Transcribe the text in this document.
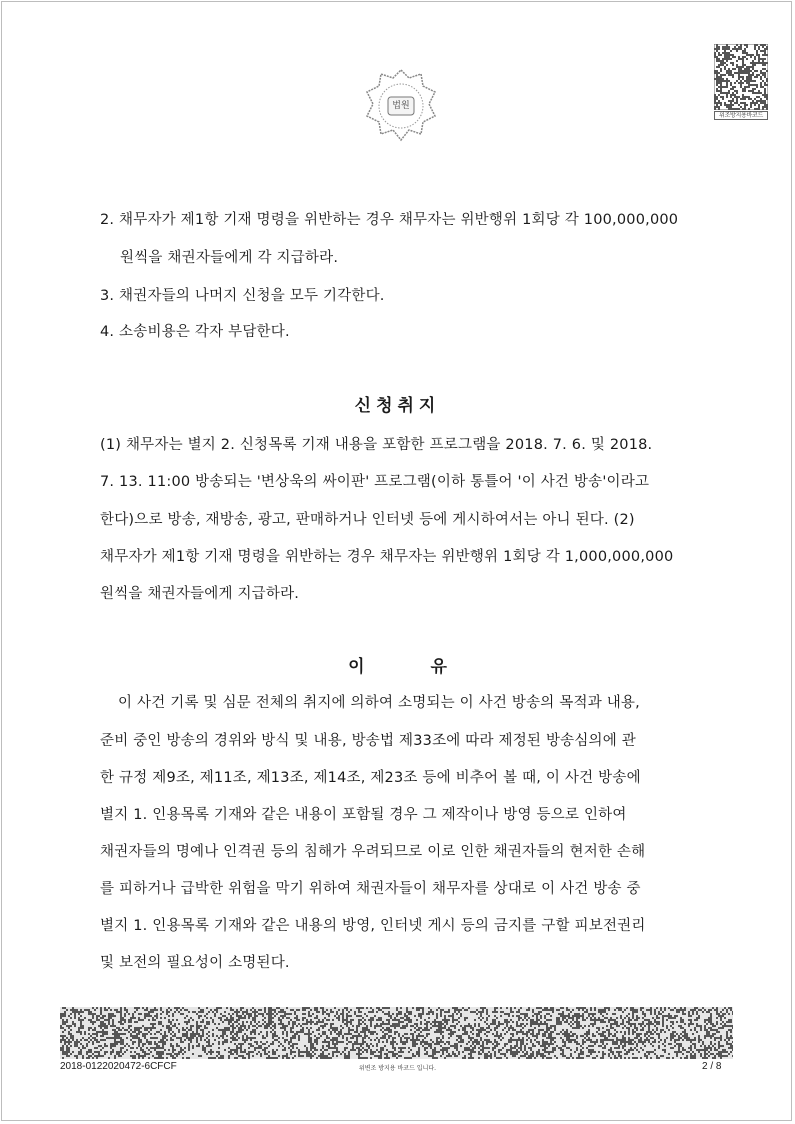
법원
위조방지용바코드
2. 채무자가 제1항 기재 명령을 위반하는 경우 채무자는 위반행위 1회당 각 100,000,000
원씩을 채권자들에게 각 지급하라.
3. 채권자들의 나머지 신청을 모두 기각한다.
4. 소송비용은 각자 부담한다.
신청취지
(1) 채무자는 별지 2. 신청목록 기재 내용을 포함한 프로그램을 2018. 7. 6. 및 2018.
7. 13. 11:00 방송되는 '변상욱의 싸이판' 프로그램(이하 통틀어 '이 사건 방송'이라고
한다)으로 방송, 재방송, 광고, 판매하거나 인터넷 등에 게시하여서는 아니 된다. (2)
채무자가 제1항 기재 명령을 위반하는 경우 채무자는 위반행위 1회당 각 1,000,000,000
원씩을 채권자들에게 지급하라.
이 유
이 사건 기록 및 심문 전체의 취지에 의하여 소명되는 이 사건 방송의 목적과 내용,
준비 중인 방송의 경위와 방식 및 내용, 방송법 제33조에 따라 제정된 방송심의에 관
한 규정 제9조, 제11조, 제13조, 제14조, 제23조 등에 비추어 볼 때, 이 사건 방송에
별지 1. 인용목록 기재와 같은 내용이 포함될 경우 그 제작이나 방영 등으로 인하여
채권자들의 명예나 인격권 등의 침해가 우려되므로 이로 인한 채권자들의 현저한 손해
를 피하거나 급박한 위험을 막기 위하여 채권자들이 채무자를 상대로 이 사건 방송 중
별지 1. 인용목록 기재와 같은 내용의 방영, 인터넷 게시 등의 금지를 구할 피보전권리
및 보전의 필요성이 소명된다.
2018-0122020472-6CFCF	위변조 방지용 바코드 입니다.	2 / 8
